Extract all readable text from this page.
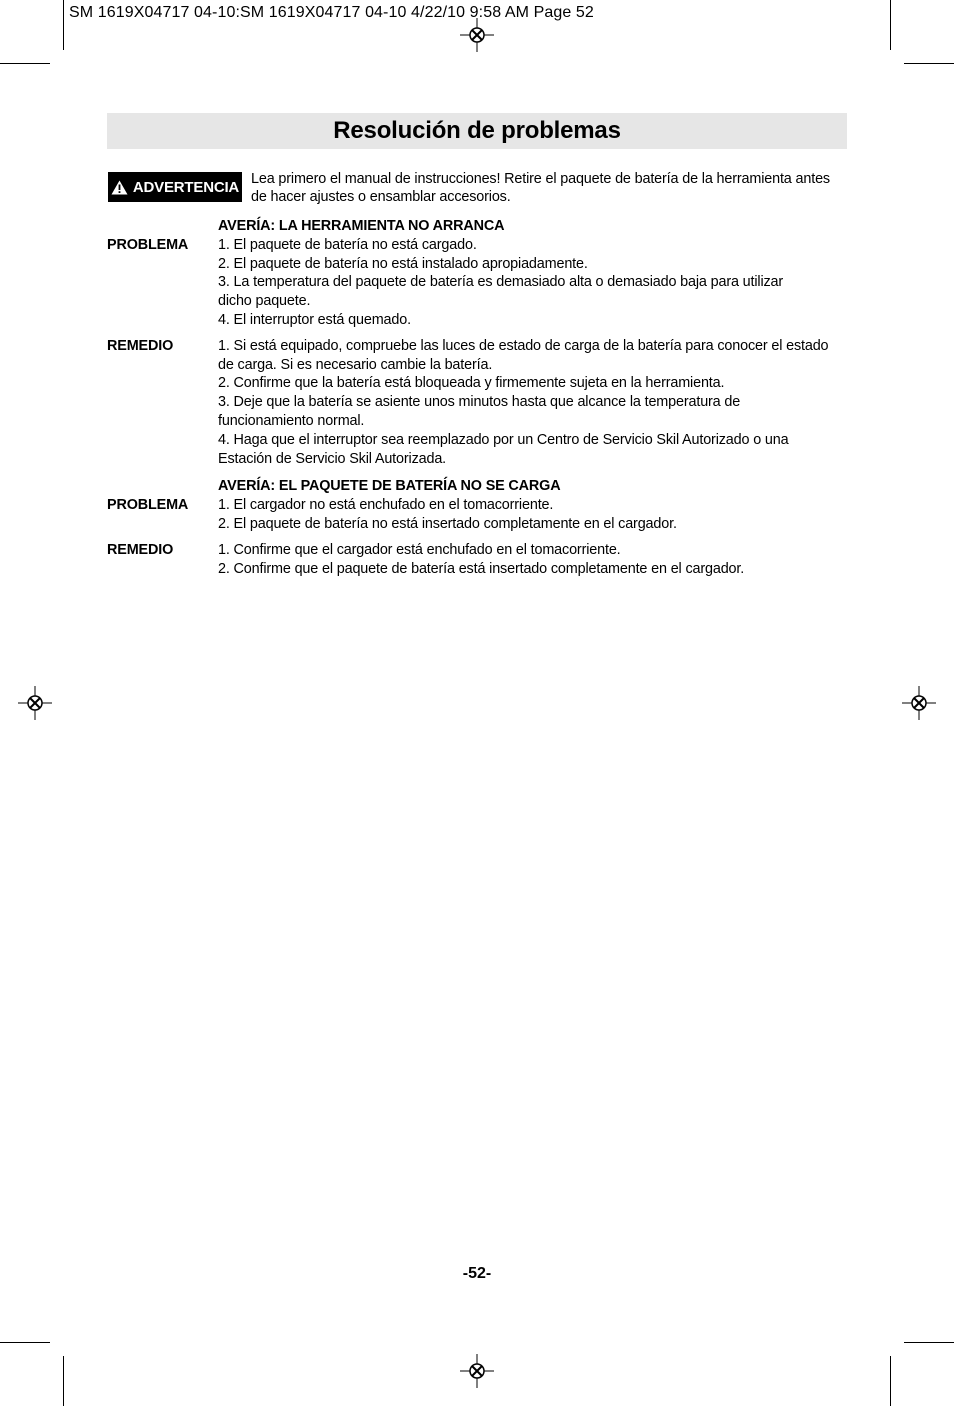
SM 1619X04717 04-10:SM 1619X04717 04-10 4/22/10 9:58 AM Page 52
Resolución de problemas
ADVERTENCIA Lea primero el manual de instrucciones! Retire el paquete de batería de la herramienta antes de hacer ajustes o ensamblar accesorios.
AVERÍA: LA HERRAMIENTA NO ARRANCA
PROBLEMA 1. El paquete de batería no está cargado.
2. El paquete de batería no está instalado apropiadamente.
3. La temperatura del paquete de batería es demasiado alta o demasiado baja para utilizar
dicho paquete.
4. El interruptor está quemado.
REMEDIO	1. Si está equipado, compruebe las luces de estado de carga de la batería para conocer el estado
de carga. Si es necesario cambie la batería.
2. Confirme que la batería está bloqueada y firmemente sujeta en la herramienta.
3. Deje que la batería se asiente unos minutos hasta que alcance la temperatura de
funcionamiento normal.
4. Haga que el interruptor sea reemplazado por un Centro de Servicio Skil Autorizado o una
Estación de Servicio Skil Autorizada.
AVERÍA: EL PAQUETE DE BATERÍA NO SE CARGA
PROBLEMA 1. El cargador no está enchufado en el tomacorriente.
2. El paquete de batería no está insertado completamente en el cargador.
REMEDIO	1. Confirme que el cargador está enchufado en el tomacorriente.
2. Confirme que el paquete de batería está insertado completamente en el cargador.
-52-
